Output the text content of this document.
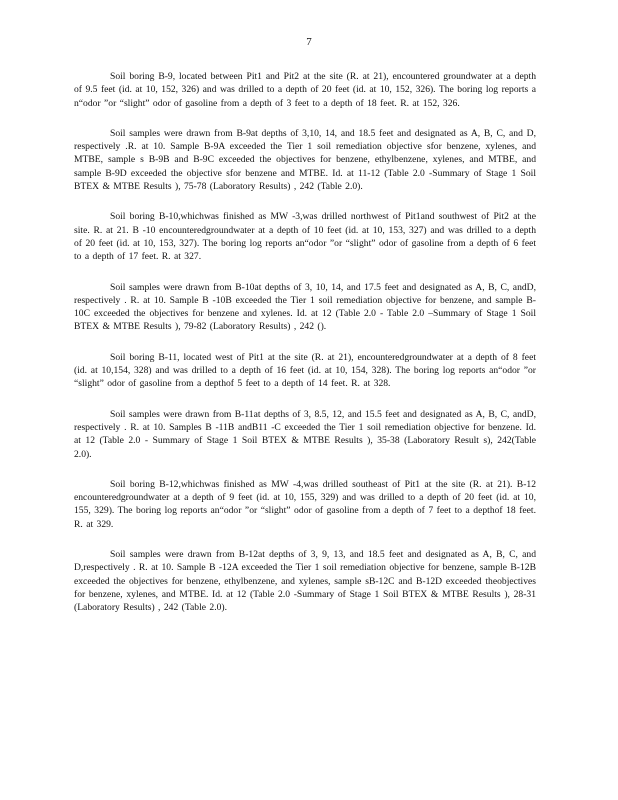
7

Soil boring B-9, located between Pit1 and Pit2 at the site (R. at 21), encountered groundwater at a depth of 9.5 feet (id. at 10, 152, 326) and was drilled to a depth of 20 feet (id. at 10, 152, 326). The boring log reports a n“odor ”or “slight” odor of gasoline from a depth of 3 feet to a depth of 18 feet. R. at 152, 326.

Soil samples were drawn from B-9at depths of 3,10, 14, and 18.5 feet and designated as A, B, C, and D, respectively .R. at 10. Sample B-9A exceeded the Tier 1 soil remediation objective sfor benzene, xylenes, and MTBE, sample s B-9B and B-9C exceeded the objectives for benzene, ethylbenzene, xylenes, and MTBE, and sample B-9D exceeded the objective sfor benzene and MTBE. Id. at 11-12 (Table 2.0 -Summary of Stage 1 Soil BTEX & MTBE Results ), 75-78 (Laboratory Results) , 242 (Table 2.0).

Soil boring B-10,whichwas finished as MW -3,was drilled northwest of Pit1and southwest of Pit2 at the site. R. at 21. B -10 encounteredgroundwater at a depth of 10 feet (id. at 10, 153, 327) and was drilled to a depth of 20 feet (id. at 10, 153, 327). The boring log reports an“odor ”or “slight” odor of gasoline from a depth of 6 feet to a depth of 17 feet. R. at 327.

Soil samples were drawn from B-10at depths of 3, 10, 14, and 17.5 feet and designated as A, B, C, andD, respectively . R. at 10. Sample B -10B exceeded the Tier 1 soil remediation objective for benzene, and sample B-10C exceeded the objectives for benzene and xylenes. Id. at 12 (Table 2.0 - Table 2.0 –Summary of Stage 1 Soil BTEX & MTBE Results ), 79-82 (Laboratory Results) , 242 ().

Soil boring B-11, located west of Pit1 at the site (R. at 21), encounteredgroundwater at a depth of 8 feet (id. at 10,154, 328) and was drilled to a depth of 16 feet (id. at 10, 154, 328). The boring log reports an“odor ”or “slight” odor of gasoline from a depthof 5 feet to a depth of 14 feet. R. at 328.

Soil samples were drawn from B-11at depths of 3, 8.5, 12, and 15.5 feet and designated as A, B, C, andD, respectively . R. at 10. Samples B -11B andB11 -C exceeded the Tier 1 soil remediation objective for benzene. Id. at 12 (Table 2.0 - Summary of Stage 1 Soil BTEX & MTBE Results ), 35-38 (Laboratory Result s), 242(Table 2.0).

Soil boring B-12,whichwas finished as MW -4,was drilled southeast of Pit1 at the site (R. at 21). B-12 encounteredgroundwater at a depth of 9 feet (id. at 10, 155, 329) and was drilled to a depth of 20 feet (id. at 10, 155, 329). The boring log reports an“odor ”or “slight” odor of gasoline from a depth of 7 feet to a depthof 18 feet. R. at 329.

Soil samples were drawn from B-12at depths of 3, 9, 13, and 18.5 feet and designated as A, B, C, and D,respectively . R. at 10. Sample B -12A exceeded the Tier 1 soil remediation objective for benzene, sample B-12B exceeded the objectives for benzene, ethylbenzene, and xylenes, sample sB-12C and B-12D exceeded theobjectives for benzene, xylenes, and MTBE. Id. at 12 (Table 2.0 -Summary of Stage 1 Soil BTEX & MTBE Results ), 28-31 (Laboratory Results) , 242 (Table 2.0).
